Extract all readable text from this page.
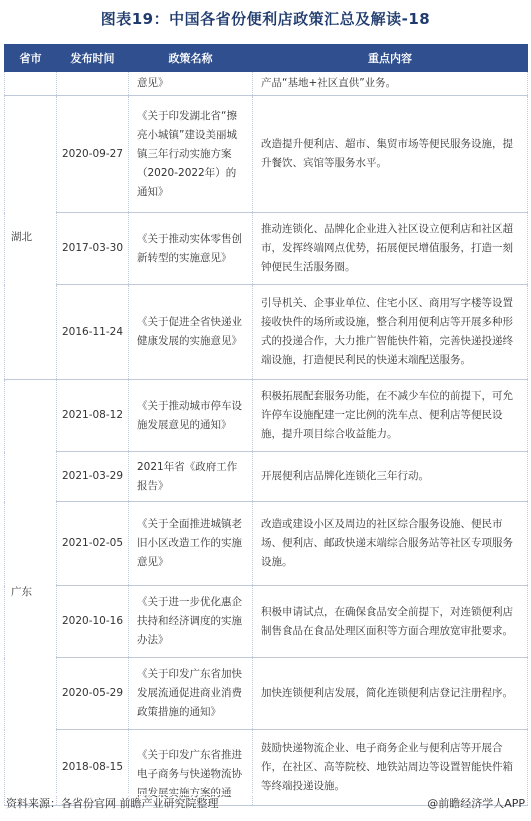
图表19：中国各省份便利店政策汇总及解读-18
省市	发布时间	政策名称	重点内容
		意见》	产品“基地+社区直供”业务。
湖北	2020-09-27	《关于印发湖北省“擦亮小城镇”建设美丽城镇三年行动实施方案（2020-2022年）的通知》	改造提升便利店、超市、集贸市场等便民服务设施，提升餐饮、宾馆等服务水平。
	2017-03-30	《关于推动实体零售创新转型的实施意见》	推动连锁化、品牌化企业进入社区设立便利店和社区超市，发挥终端网点优势，拓展便民增值服务，打造一刻钟便民生活服务圈。
	2016-11-24	《关于促进全省快递业健康发展的实施意见》	引导机关、企事业单位、住宅小区、商用写字楼等设置接收快件的场所或设施，整合利用便利店等开展多种形式的投递合作，大力推广智能快件箱，完善快递投递终端设施，打造便民利民的快递末端配送服务。
广东	2021-08-12	《关于推动城市停车设施发展意见的通知》	积极拓展配套服务功能，在不减少车位的前提下，可允许停车设施配建一定比例的洗车点、便利店等便民设施，提升项目综合收益能力。
	2021-03-29	2021年省《政府工作报告》	开展便利店品牌化连锁化三年行动。
	2021-02-05	《关于全面推进城镇老旧小区改造工作的实施意见》	改造或建设小区及周边的社区综合服务设施、便民市场、便利店、邮政快递末端综合服务站等社区专项服务设施。
	2020-10-16	《关于进一步优化惠企扶持和经济调度的实施办法》	积极申请试点，在确保食品安全前提下，对连锁便利店制售食品在食品处理区面积等方面合理放宽审批要求。
	2020-05-29	《关于印发广东省加快发展流通促进商业消费政策措施的通知》	加快连锁便利店发展，简化连锁便利店登记注册程序。
	2018-08-15	《关于印发广东省推进电子商务与快递物流协同发展实施方案的通	鼓励快递物流企业、电子商务企业与便利店等开展合作，在社区、高等院校、地铁站周边等设置智能快件箱等终端投递设施。
资料来源：各省份官网 前瞻产业研究院整理	@前瞻经济学人APP
